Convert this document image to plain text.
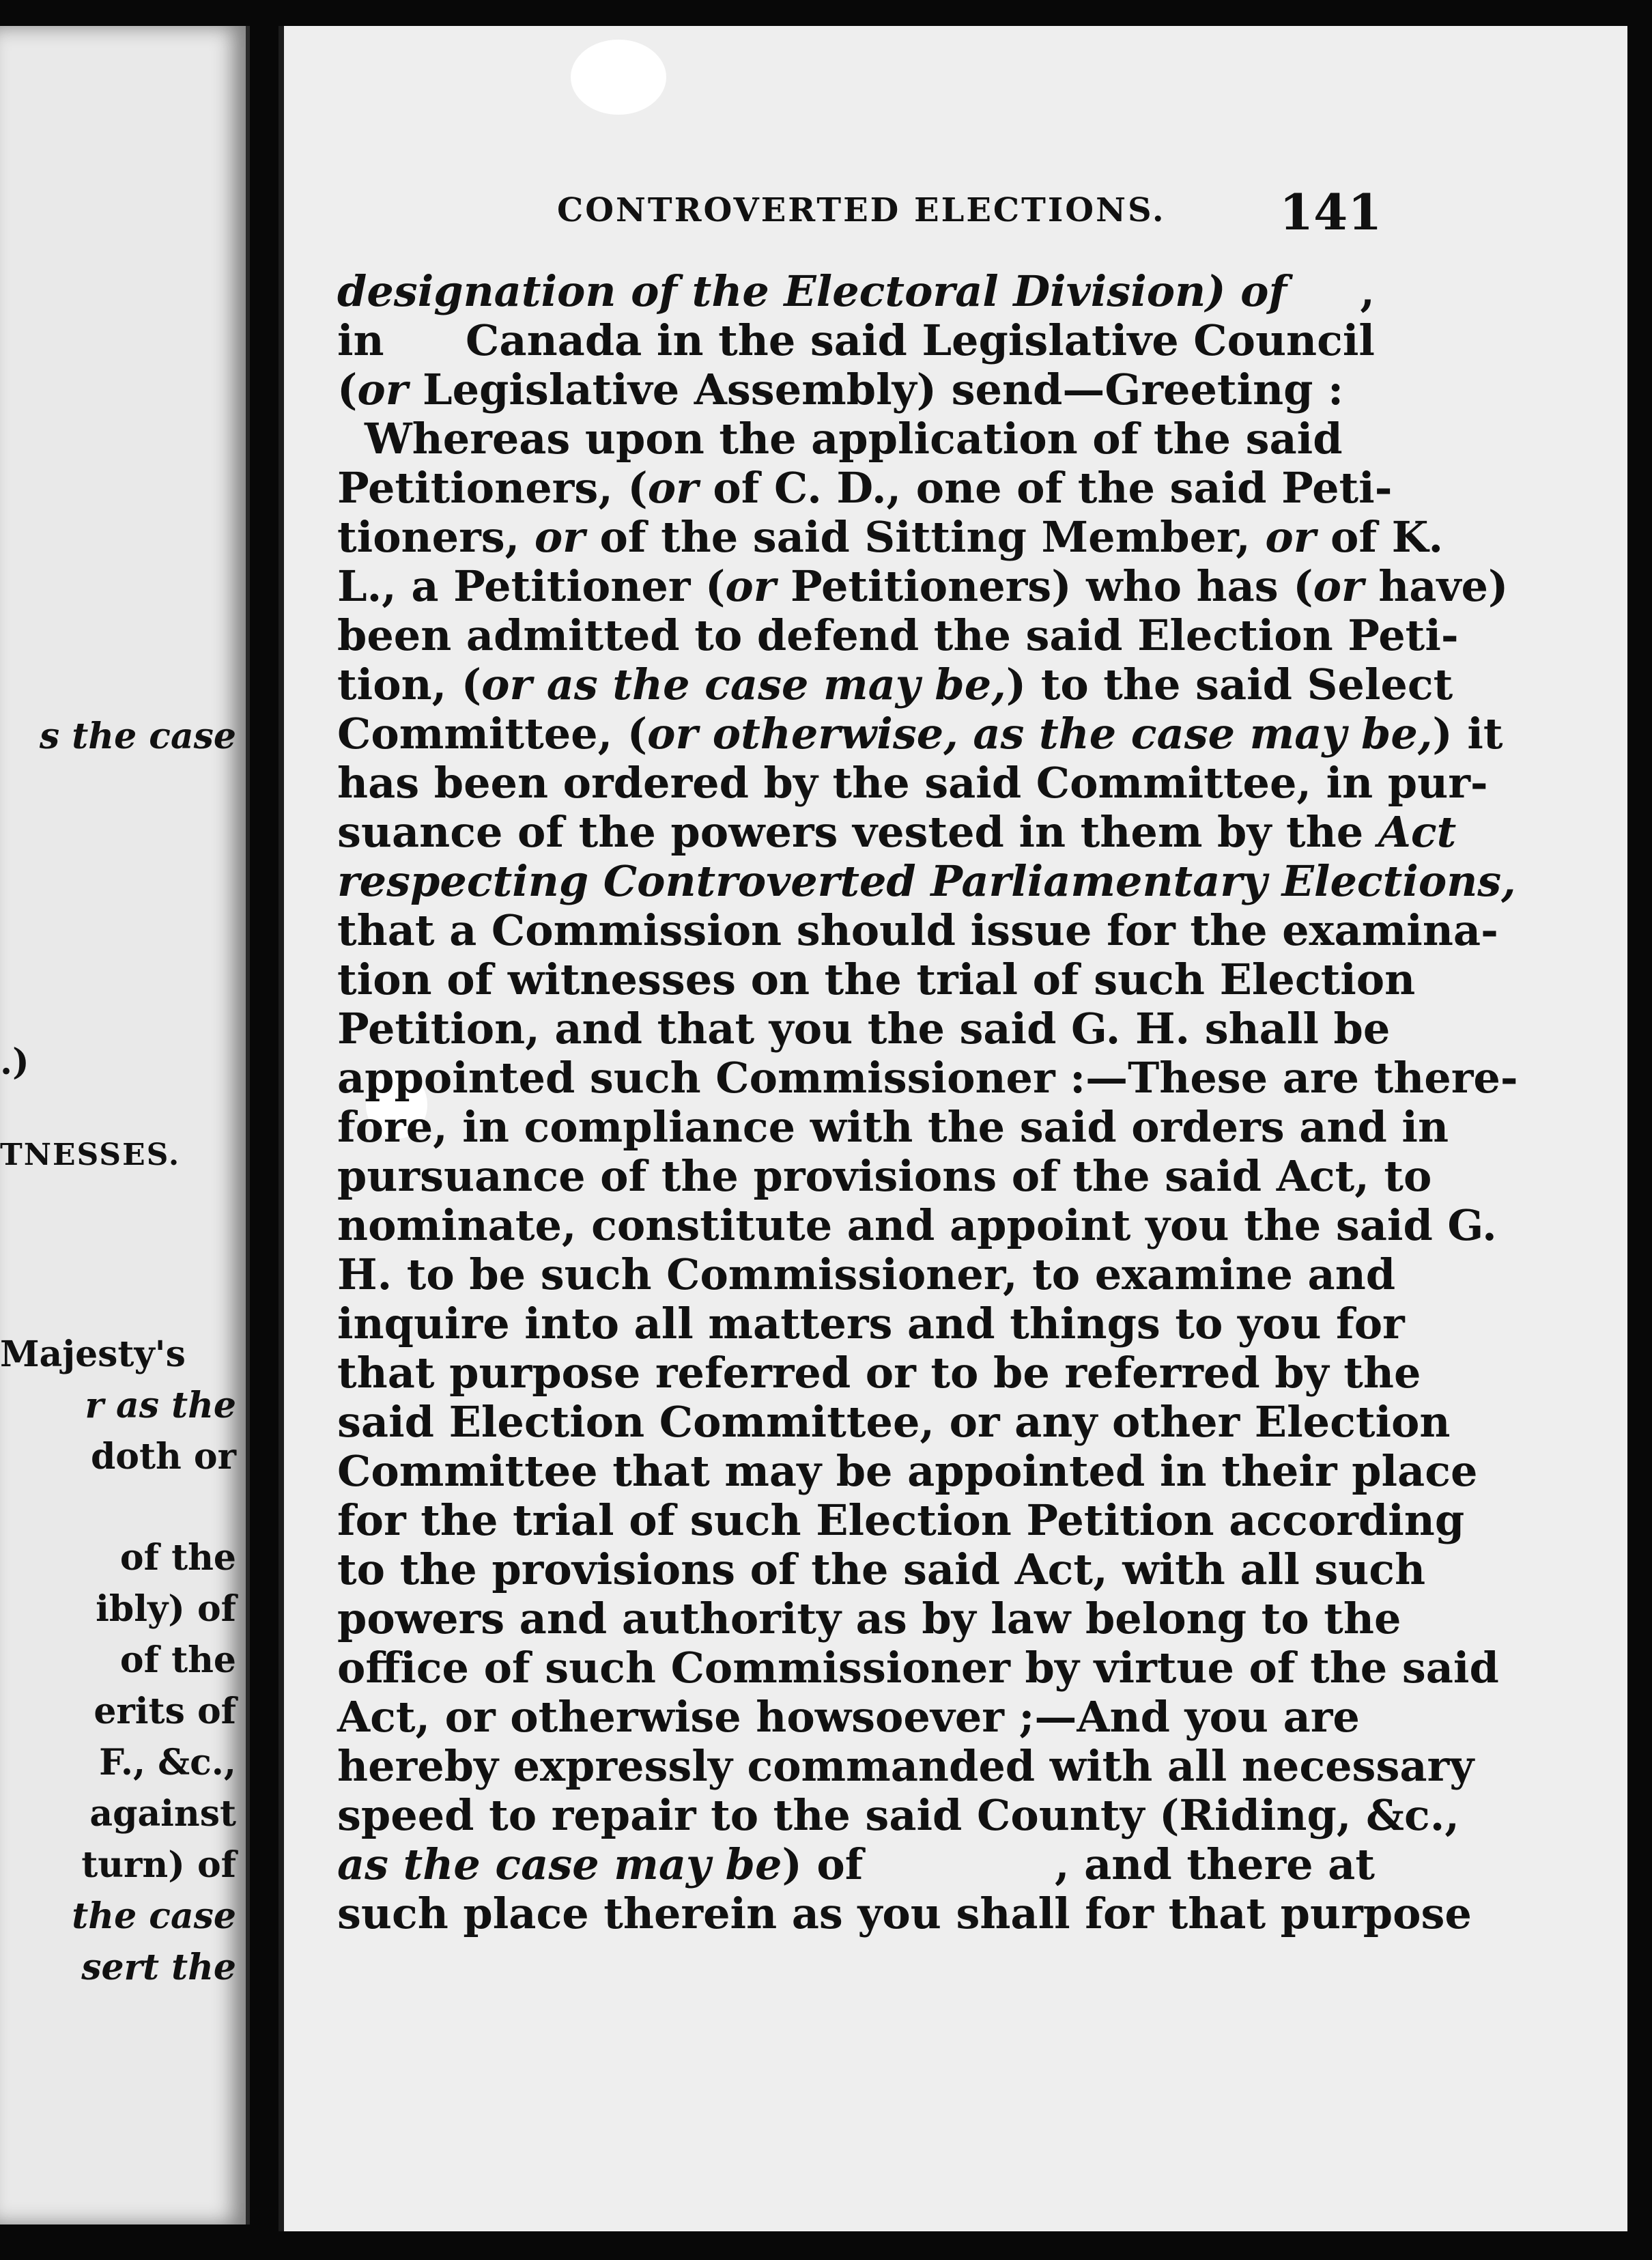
s the case
.)
TNESSES.
Majesty's
r as the
doth or
of the
ibly) of
of the
erits of
F., &c.,
against
turn) of
the case
sert the
CONTROVERTED ELECTIONS. 141
designation of the Electoral Division) of ,
in Canada in the said Legislative Council
(or Legislative Assembly) send—Greeting :
Whereas upon the application of the said
Petitioners, (or of C. D., one of the said Peti-
tioners, or of the said Sitting Member, or of K.
L., a Petitioner (or Petitioners) who has (or have)
been admitted to defend the said Election Peti-
tion, (or as the case may be,) to the said Select
Committee, (or otherwise, as the case may be,) it
has been ordered by the said Committee, in pur-
suance of the powers vested in them by the Act
respecting Controverted Parliamentary Elections,
that a Commission should issue for the examina-
tion of witnesses on the trial of such Election
Petition, and that you the said G. H. shall be
appointed such Commissioner :—These are there-
fore, in compliance with the said orders and in
pursuance of the provisions of the said Act, to
nominate, constitute and appoint you the said G.
H. to be such Commissioner, to examine and
inquire into all matters and things to you for
that purpose referred or to be referred by the
said Election Committee, or any other Election
Committee that may be appointed in their place
for the trial of such Election Petition according
to the provisions of the said Act, with all such
powers and authority as by law belong to the
office of such Commissioner by virtue of the said
Act, or otherwise howsoever ;—And you are
hereby expressly commanded with all necessary
speed to repair to the said County (Riding, &c.,
as the case may be) of	, and there at
such place therein as you shall for that purpose
